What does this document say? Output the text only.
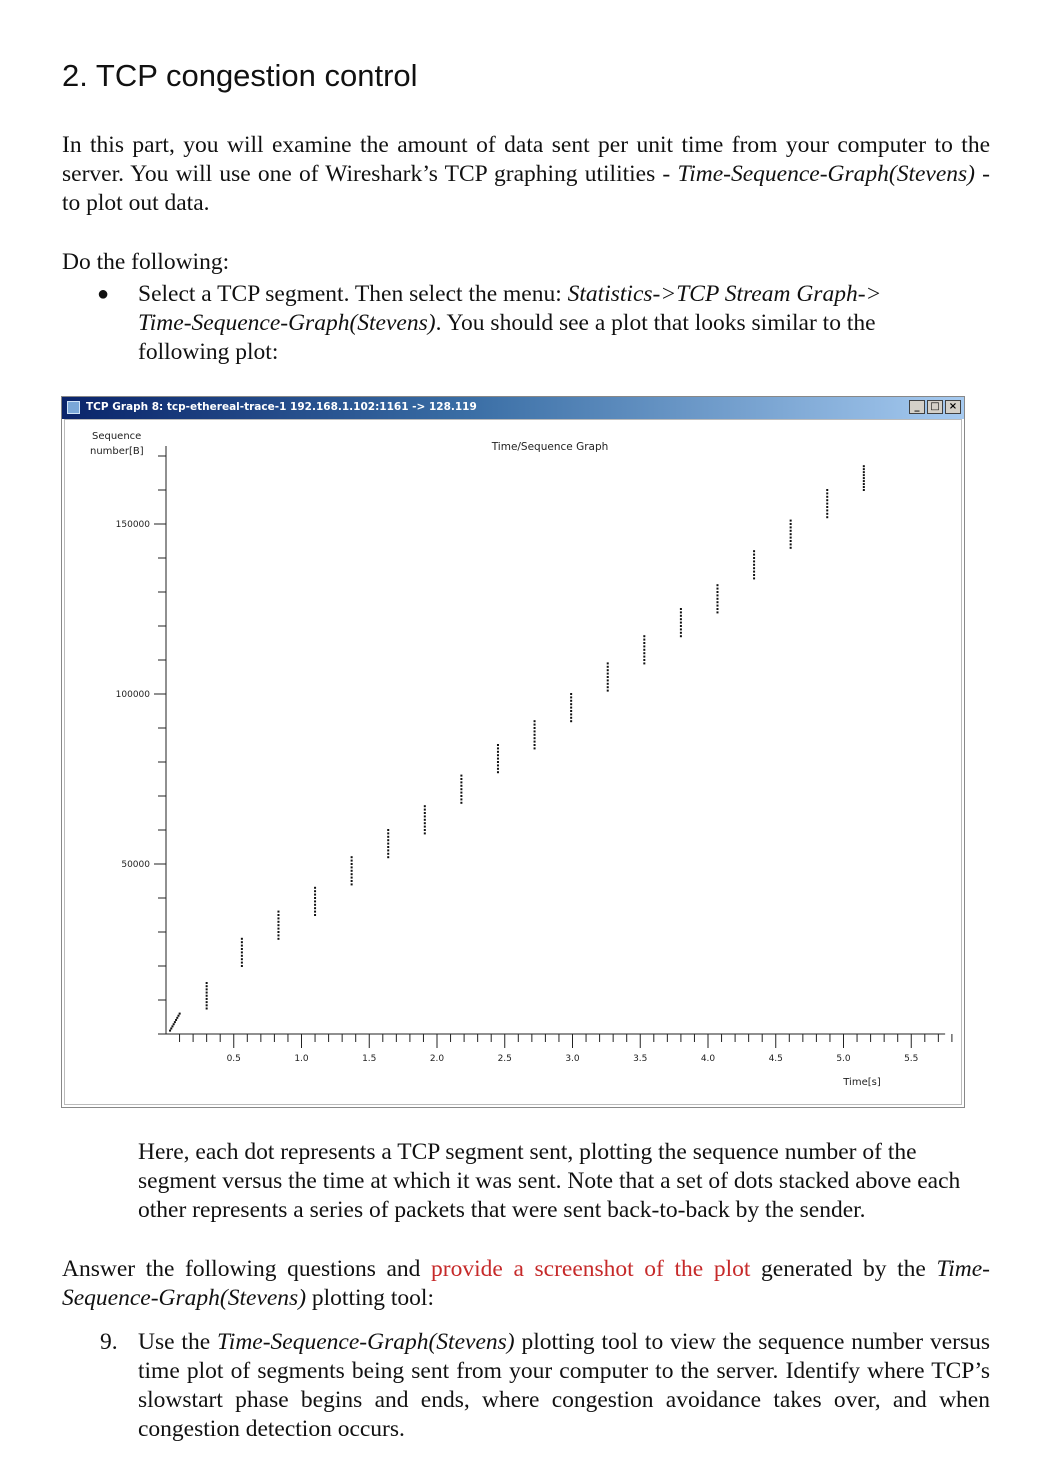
2. TCP congestion control
In this part, you will examine the amount of data sent per unit time from your computer to the server. You will use one of Wireshark’s TCP graphing utilities - Time-Sequence-Graph(Stevens) - to plot out data.
Do the following:
● Select a TCP segment. Then select the menu: Statistics->TCP Stream Graph->
Time-Sequence-Graph(Stevens). You should see a plot that looks similar to the following plot:
TCP Graph 8: tcp-ethereal-trace-1 192.168.1.102:1161 -> 128.119	_	□ ×
Sequence
number[B]	Time/Sequence Graph
Time[s]
0.5	1.0	1.5	2.0	2.5	3.0	3.5	4.0	4.5	5.0	5.5
50000
100000
150000
Here, each dot represents a TCP segment sent, plotting the sequence number of the segment versus the time at which it was sent. Note that a set of dots stacked above each other represents a series of packets that were sent back-to-back by the sender.
Answer the following questions and provide a screenshot of the plot generated by the Time-Sequence-Graph(Stevens) plotting tool:
9. Use the Time-Sequence-Graph(Stevens) plotting tool to view the sequence number versus time plot of segments being sent from your computer to the server. Identify where TCP’s slowstart phase begins and ends, where congestion avoidance takes over, and when congestion detection occurs.
